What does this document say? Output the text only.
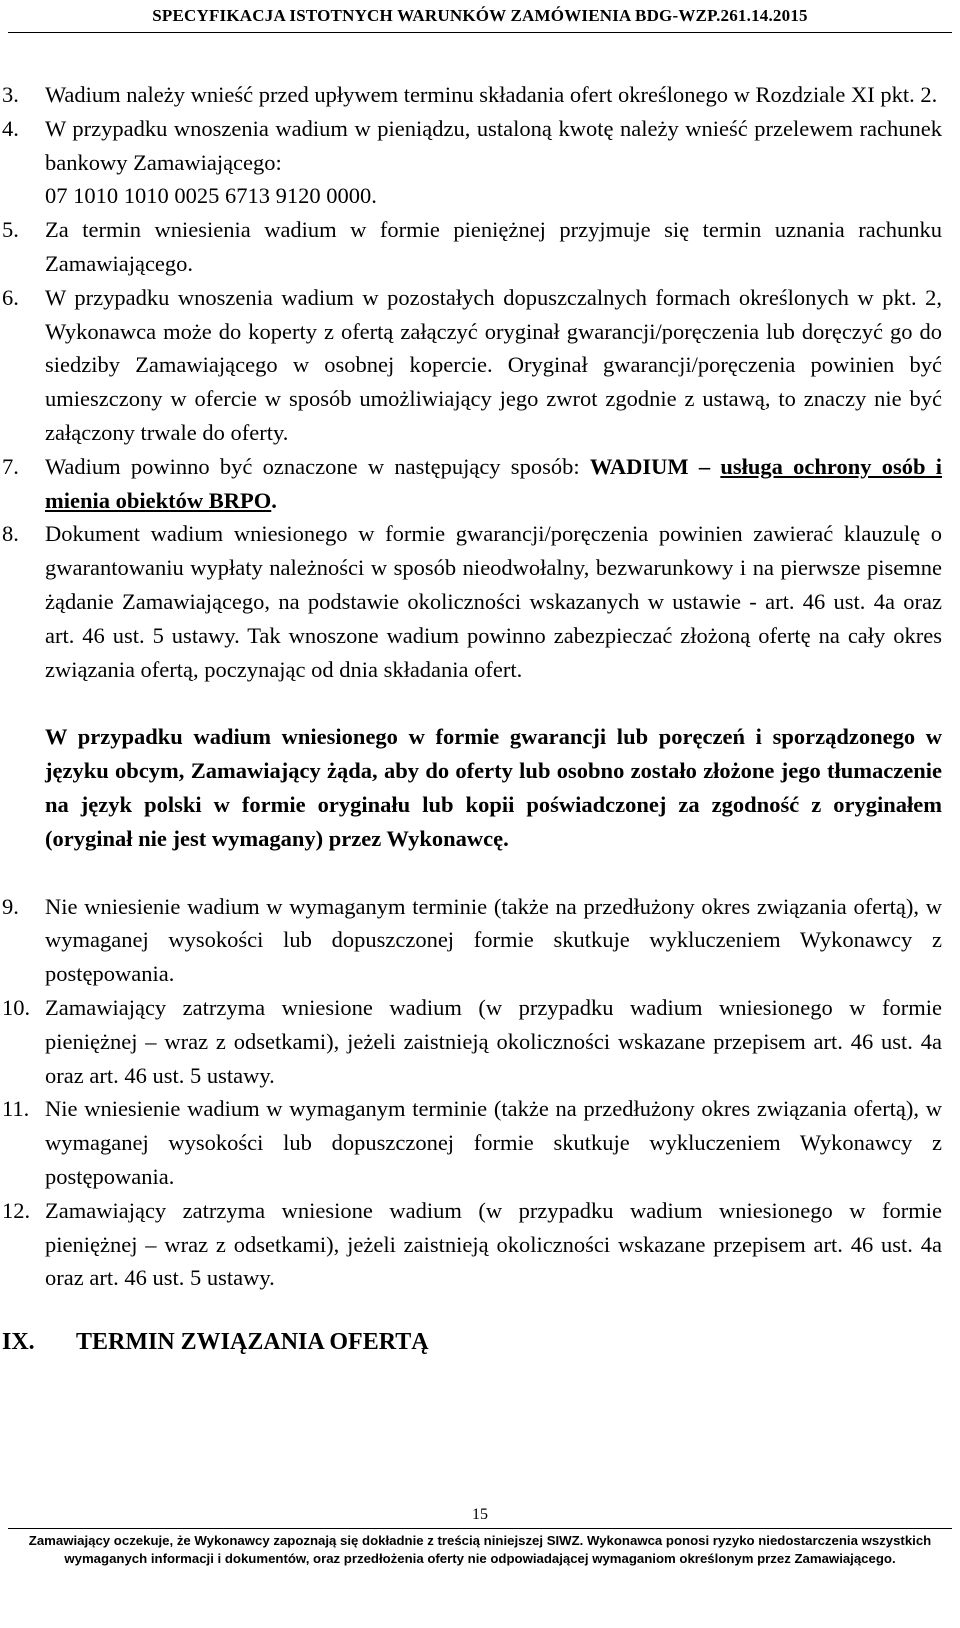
SPECYFIKACJA ISTOTNYCH WARUNKÓW ZAMÓWIENIA BDG-WZP.261.14.2015
3. Wadium należy wnieść przed upływem terminu składania ofert określonego w Rozdziale XI pkt. 2.
4. W przypadku wnoszenia wadium w pieniądzu, ustaloną kwotę należy wnieść przelewem rachunek bankowy Zamawiającego:
07 1010 1010 0025 6713 9120 0000.
5. Za termin wniesienia wadium w formie pieniężnej przyjmuje się termin uznania rachunku Zamawiającego.
6. W przypadku wnoszenia wadium w pozostałych dopuszczalnych formach określonych w pkt. 2, Wykonawca może do koperty z ofertą załączyć oryginał gwarancji/poręczenia lub doręczyć go do siedziby Zamawiającego w osobnej kopercie. Oryginał gwarancji/poręczenia powinien być umieszczony w ofercie w sposób umożliwiający jego zwrot zgodnie z ustawą, to znaczy nie być załączony trwale do oferty.
7. Wadium powinno być oznaczone w następujący sposób: WADIUM – usługa ochrony osób i mienia obiektów BRPO.
8. Dokument wadium wniesionego w formie gwarancji/poręczenia powinien zawierać klauzulę o gwarantowaniu wypłaty należności w sposób nieodwołalny, bezwarunkowy i na pierwsze pisemne żądanie Zamawiającego, na podstawie okoliczności wskazanych w ustawie - art. 46 ust. 4a oraz art. 46 ust. 5 ustawy. Tak wnoszone wadium powinno zabezpieczać złożoną ofertę na cały okres związania ofertą, poczynając od dnia składania ofert.
W przypadku wadium wniesionego w formie gwarancji lub poręczeń i sporządzonego w języku obcym, Zamawiający żąda, aby do oferty lub osobno zostało złożone jego tłumaczenie na język polski w formie oryginału lub kopii poświadczonej za zgodność z oryginałem (oryginał nie jest wymagany) przez Wykonawcę.
9. Nie wniesienie wadium w wymaganym terminie (także na przedłużony okres związania ofertą), w wymaganej wysokości lub dopuszczonej formie skutkuje wykluczeniem Wykonawcy z postępowania.
10. Zamawiający zatrzyma wniesione wadium (w przypadku wadium wniesionego w formie pieniężnej – wraz z odsetkami), jeżeli zaistnieją okoliczności wskazane przepisem art. 46 ust. 4a oraz art. 46 ust. 5 ustawy.
11. Nie wniesienie wadium w wymaganym terminie (także na przedłużony okres związania ofertą), w wymaganej wysokości lub dopuszczonej formie skutkuje wykluczeniem Wykonawcy z postępowania.
12. Zamawiający zatrzyma wniesione wadium (w przypadku wadium wniesionego w formie pieniężnej – wraz z odsetkami), jeżeli zaistnieją okoliczności wskazane przepisem art. 46 ust. 4a oraz art. 46 ust. 5 ustawy.
IX. TERMIN ZWIĄZANIA OFERTĄ
15
Zamawiający oczekuje, że Wykonawcy zapoznają się dokładnie z treścią niniejszej SIWZ. Wykonawca ponosi ryzyko niedostarczenia wszystkich
wymaganych informacji i dokumentów, oraz przedłożenia oferty nie odpowiadającej wymaganiom określonym przez Zamawiającego.
